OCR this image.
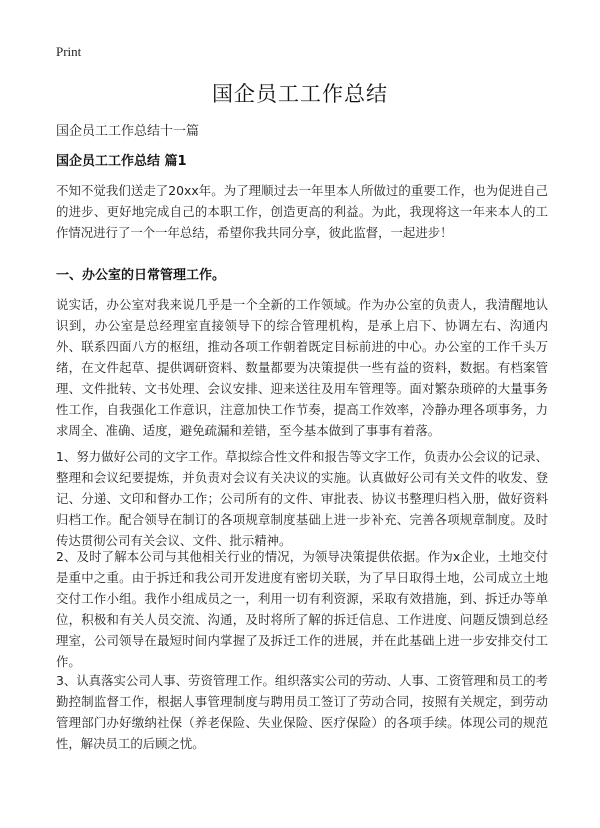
Print
国企员工工作总结
国企员工工作总结十一篇
国企员工工作总结 篇1

不知不觉我们送走了20xx年。为了理顺过去一年里本人所做过的重要工作，也为促进自己的进步、更好地完成自己的本职工作，创造更高的利益。为此，我现将这一年来本人的工作情况进行了一个一年总结，希望你我共同分享，彼此监督，一起进步！

一、办公室的日常管理工作。

说实话，办公室对我来说几乎是一个全新的工作领域。作为办公室的负责人，我清醒地认识到，办公室是总经理室直接领导下的综合管理机构，是承上启下、协调左右、沟通内外、联系四面八方的枢纽，推动各项工作朝着既定目标前进的中心。办公室的工作千头万绪，在文件起草、提供调研资料、数量都要为决策提供一些有益的资料，数据。有档案管理、文件批转、文书处理、会议安排、迎来送往及用车管理等。面对繁杂琐碎的大量事务性工作，自我强化工作意识，注意加快工作节奏，提高工作效率，冷静办理各项事务，力求周全、准确、适度，避免疏漏和差错，至今基本做到了事事有着落。

1、努力做好公司的文字工作。草拟综合性文件和报告等文字工作，负责办公会议的记录、整理和会议纪要提炼，并负责对会议有关决议的实施。认真做好公司有关文件的收发、登记、分递、文印和督办工作；公司所有的文件、审批表、协议书整理归档入册，做好资料归档工作。配合领导在制订的各项规章制度基础上进一步补充、完善各项规章制度。及时传达贯彻公司有关会议、文件、批示精神。

2、及时了解本公司与其他相关行业的情况，为领导决策提供依据。作为x企业，土地交付是重中之重。由于拆迁和我公司开发进度有密切关联，为了早日取得土地，公司成立土地交付工作小组。我作小组成员之一，利用一切有利资源，采取有效措施，到、拆迁办等单位，积极和有关人员交流、沟通，及时将所了解的拆迁信息、工作进度、问题反馈到总经理室，公司领导在最短时间内掌握了及拆迁工作的进展，并在此基础上进一步安排交付工作。

3、认真落实公司人事、劳资管理工作。组织落实公司的劳动、人事、工资管理和员工的考勤控制监督工作，根据人事管理制度与聘用员工签订了劳动合同，按照有关规定，到劳动管理部门办好缴纳社保（养老保险、失业保险、医疗保险）的各项手续。体现公司的规范性，解决员工的后顾之忧。
